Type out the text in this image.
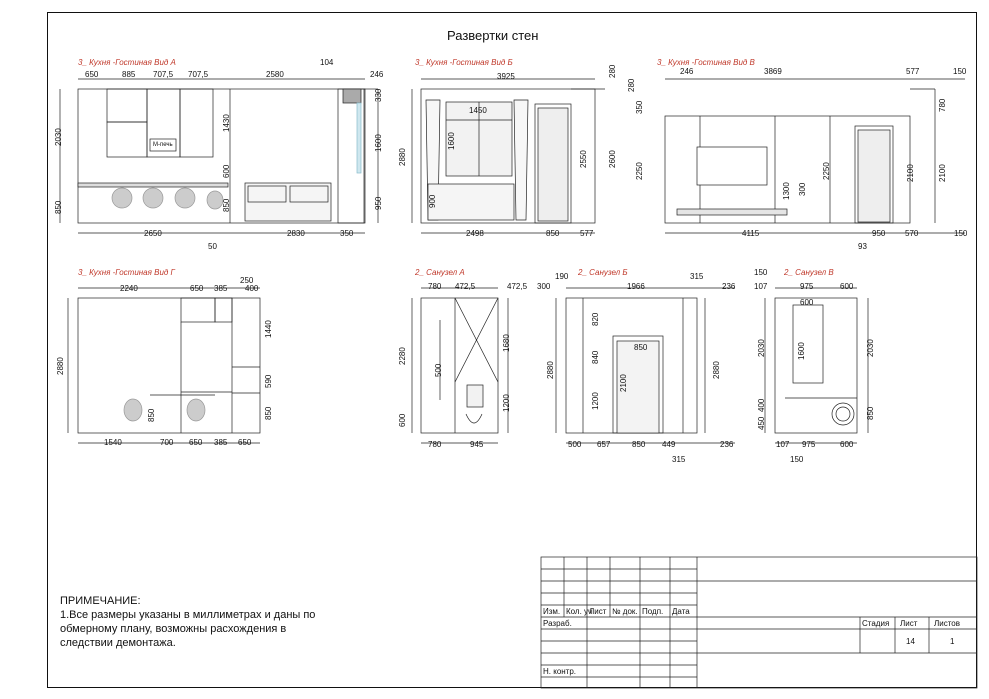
Развертки стен
3_ Кухня -Гостиная Вид А
650	885 707,5 707,5	2580
104
246
2030
850
1430
600
850
330
1600
950
2650	2830	350
50
М-печь
3_ Кухня -Гостиная Вид Б
3925	280
1450
1600
900
2880	2550	2600
2498	850	577
3_ Кухня -Гостиная Вид В
246	3869	577	150
280
350
2250
1300 300
2250
780
2100	2100
4115	950 570	150
93
3_ Кухня -Гостиная Вид Г
2240	650 385 400
250
2880
1440
590
850
850
1540	700 650 385 650
2_ Санузел А
780 472,5	472,5
2280
600
500
1680
1200
780	945
2_ Санузел Б
190
300	1966
315
236
2880
820
840
1200
2100
850
2880
500 657	850 449	236
315
2_ Санузел В
150
107	975	600
600
1600
2030
400
450
2030
850
107 975	600
150
ПРИМЕЧАНИЕ:
1.Все размеры указаны в миллиметрах и даны по обмерному плану, возможны расхождения в следствии демонтажа.
Изм. Кол. уч
Лист № док. Подп. Дата
Разраб.
Н. контр.
Стадия Лист Листов
14	1
